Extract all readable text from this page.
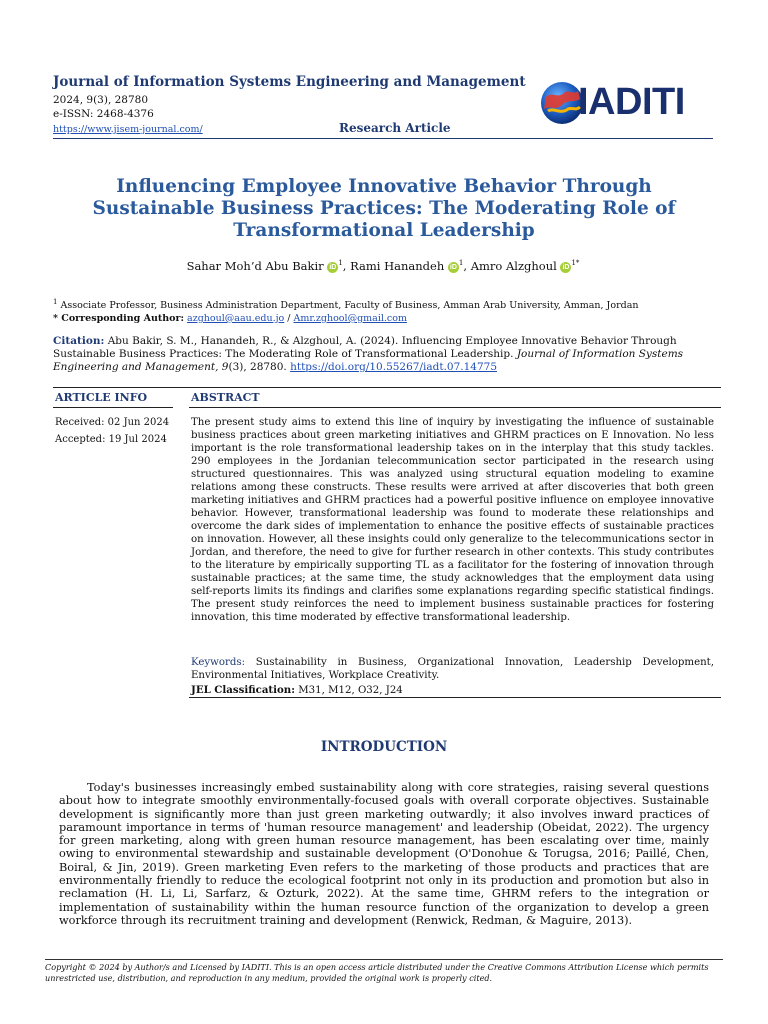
Journal of Information Systems Engineering and Management
2024, 9(3), 28780
e-ISSN: 2468-4376
https://www.jisem-journal.com/	Research Article
IADITI
Influencing Employee Innovative Behavior Through Sustainable Business Practices: The Moderating Role of Transformational Leadership
Sahar Moh’d Abu Bakir $iD^1$, Rami Hanandeh $iD^1$, Amro Alzghoul $iD^{1*}$
$^1$ Associate Professor, Business Administration Department, Faculty of Business, Amman Arab University, Amman, Jordan
* Corresponding Author: azghoul@aau.edu.jo / Amr.zghool@gmail.com
Citation: Abu Bakir, S. M., Hanandeh, R., & Alzghoul, A. (2024). Influencing Employee Innovative Behavior Through Sustainable Business Practices: The Moderating Role of Transformational Leadership. Journal of Information Systems Engineering and Management, 9(3), 28780. https://doi.org/10.55267/iadt.07.14775
ARTICLE INFO	ABSTRACT
Received: 02 Jun 2024
Accepted: 19 Jul 2024
The present study aims to extend this line of inquiry by investigating the influence of sustainable business practices about green marketing initiatives and GHRM practices on E Innovation. No less important is the role transformational leadership takes on in the interplay that this study tackles. 290 employees in the Jordanian telecommunication sector participated in the research using structured questionnaires. This was analyzed using structural equation modeling to examine relations among these constructs. These results were arrived at after discoveries that both green marketing initiatives and GHRM practices had a powerful positive influence on employee innovative behavior. However, transformational leadership was found to moderate these relationships and overcome the dark sides of implementation to enhance the positive effects of sustainable practices on innovation. However, all these insights could only generalize to the telecommunications sector in Jordan, and therefore, the need to give for further research in other contexts. This study contributes to the literature by empirically supporting TL as a facilitator for the fostering of innovation through sustainable practices; at the same time, the study acknowledges that the employment data using self-reports limits its findings and clarifies some explanations regarding specific statistical findings. The present study reinforces the need to implement business sustainable practices for fostering innovation, this time moderated by effective transformational leadership.
Keywords: Sustainability in Business, Organizational Innovation, Leadership Development, Environmental Initiatives, Workplace Creativity.
JEL Classification: M31, M12, O32, J24
INTRODUCTION
Today's businesses increasingly embed sustainability along with core strategies, raising several questions about how to integrate smoothly environmentally-focused goals with overall corporate objectives. Sustainable development is significantly more than just green marketing outwardly; it also involves inward practices of paramount importance in terms of 'human resource management' and leadership (Obeidat, 2022). The urgency for green marketing, along with green human resource management, has been escalating over time, mainly owing to environmental stewardship and sustainable development (O'Donohue & Torugsa, 2016; Paillé, Chen, Boiral, & Jin, 2019). Green marketing Even refers to the marketing of those products and practices that are environmentally friendly to reduce the ecological footprint not only in its production and promotion but also in reclamation (H. Li, Li, Sarfarz, & Ozturk, 2022). At the same time, GHRM refers to the integration or implementation of sustainability within the human resource function of the organization to develop a green workforce through its recruitment training and development (Renwick, Redman, & Maguire, 2013).
Copyright © 2024 by Author/s and Licensed by IADITI. This is an open access article distributed under the Creative Commons Attribution License which permits unrestricted use, distribution, and reproduction in any medium, provided the original work is properly cited.
